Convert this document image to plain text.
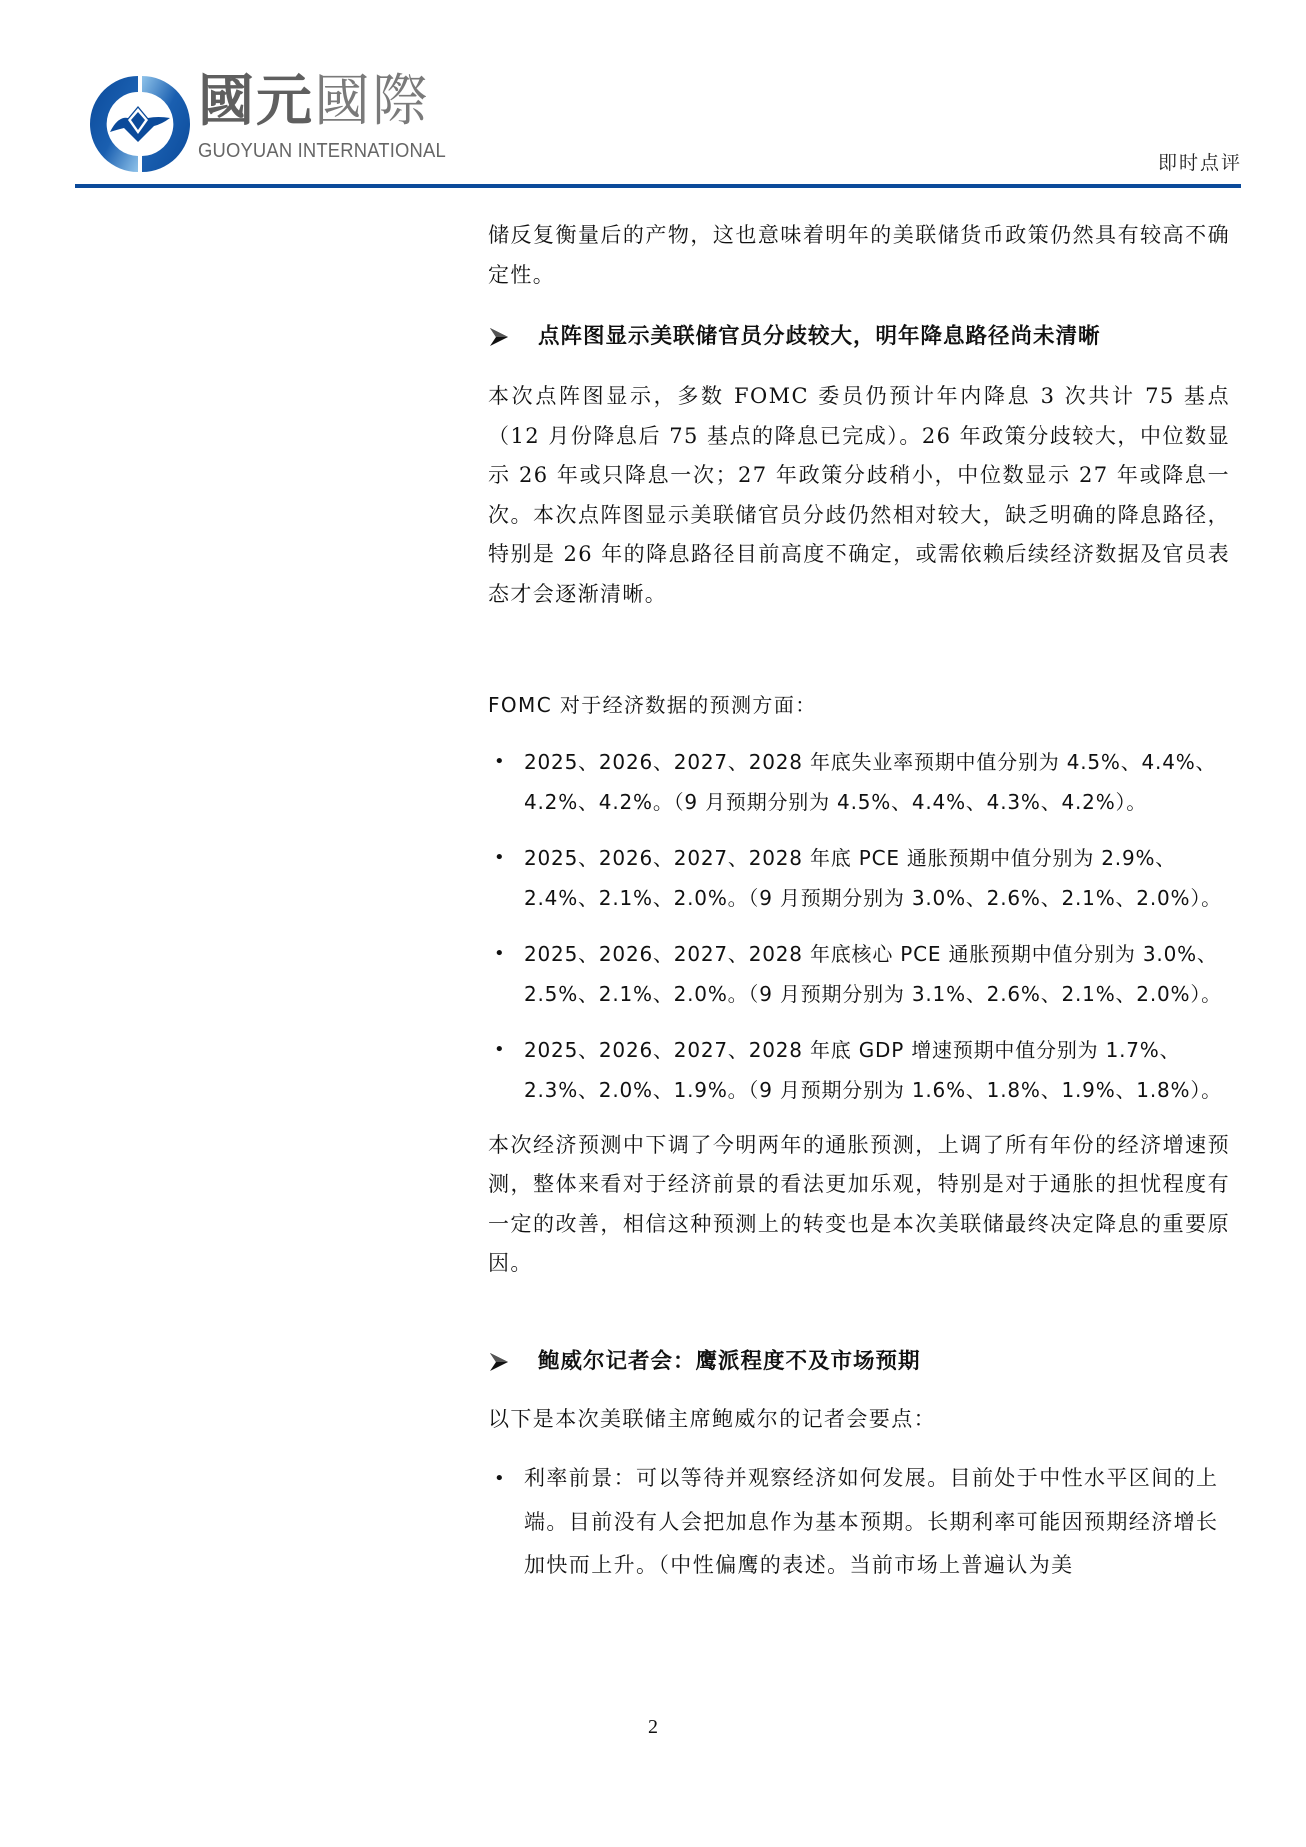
國元國際
GUOYUAN INTERNATIONAL
即时点评

储反复衡量后的产物，这也意味着明年的美联储货币政策仍然具有较高不确定性。

点阵图显示美联储官员分歧较大，明年降息路径尚未清晰

本次点阵图显示，多数 FOMC 委员仍预计年内降息 3 次共计 75 基点（12 月份降息后 75 基点的降息已完成）。26 年政策分歧较大，中位数显示 26 年或只降息一次；27 年政策分歧稍小，中位数显示 27 年或降息一次。本次点阵图显示美联储官员分歧仍然相对较大，缺乏明确的降息路径，特别是 26 年的降息路径目前高度不确定，或需依赖后续经济数据及官员表态才会逐渐清晰。

FOMC 对于经济数据的预测方面：

• 2025、2026、2027、2028 年底失业率预期中值分别为 4.5%、4.4%、4.2%、4.2%。（9 月预期分别为 4.5%、4.4%、4.3%、4.2%）。
• 2025、2026、2027、2028 年底 PCE 通胀预期中值分别为 2.9%、2.4%、2.1%、2.0%。（9 月预期分别为 3.0%、2.6%、2.1%、2.0%）。
• 2025、2026、2027、2028 年底核心 PCE 通胀预期中值分别为 3.0%、2.5%、2.1%、2.0%。（9 月预期分别为 3.1%、2.6%、2.1%、2.0%）。
• 2025、2026、2027、2028 年底 GDP 增速预期中值分别为 1.7%、2.3%、2.0%、1.9%。（9 月预期分别为 1.6%、1.8%、1.9%、1.8%）。

本次经济预测中下调了今明两年的通胀预测，上调了所有年份的经济增速预测，整体来看对于经济前景的看法更加乐观，特别是对于通胀的担忧程度有一定的改善，相信这种预测上的转变也是本次美联储最终决定降息的重要原因。

鲍威尔记者会：鹰派程度不及市场预期

以下是本次美联储主席鲍威尔的记者会要点：

• 利率前景：可以等待并观察经济如何发展。目前处于中性水平区间的上端。目前没有人会把加息作为基本预期。长期利率可能因预期经济增长加快而上升。（中性偏鹰的表述。当前市场上普遍认为美
2
